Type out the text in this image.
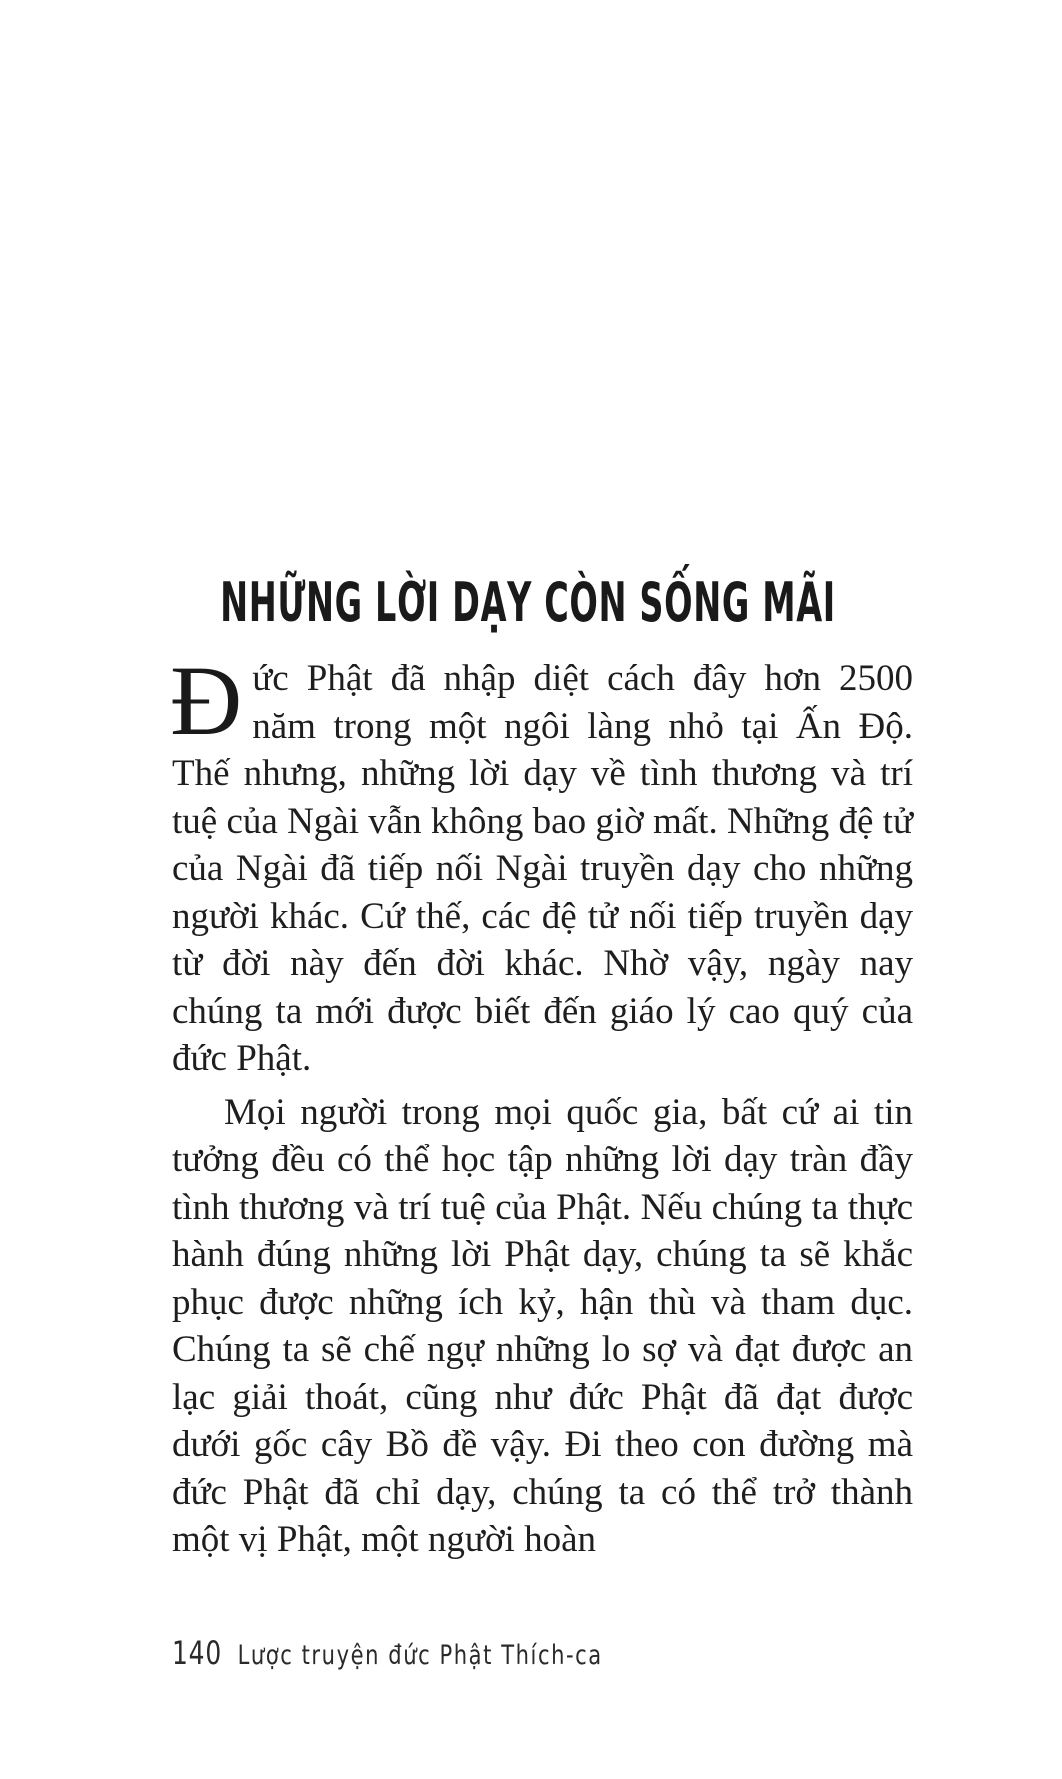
NHỮNG LỜI DẠY CÒN SỐNG MÃI

Đức Phật đã nhập diệt cách đây hơn 2500 năm trong một ngôi làng nhỏ tại Ấn Độ. Thế nhưng, những lời dạy về tình thương và trí tuệ của Ngài vẫn không bao giờ mất. Những đệ tử của Ngài đã tiếp nối Ngài truyền dạy cho những người khác. Cứ thế, các đệ tử nối tiếp truyền dạy từ đời này đến đời khác. Nhờ vậy, ngày nay chúng ta mới được biết đến giáo lý cao quý của đức Phật.

Mọi người trong mọi quốc gia, bất cứ ai tin tưởng đều có thể học tập những lời dạy tràn đầy tình thương và trí tuệ của Phật. Nếu chúng ta thực hành đúng những lời Phật dạy, chúng ta sẽ khắc phục được những ích kỷ, hận thù và tham dục. Chúng ta sẽ chế ngự những lo sợ và đạt được an lạc giải thoát, cũng như đức Phật đã đạt được dưới gốc cây Bồ đề vậy. Đi theo con đường mà đức Phật đã chỉ dạy, chúng ta có thể trở thành một vị Phật, một người hoàn

140 Lược truyện đức Phật Thích-ca
